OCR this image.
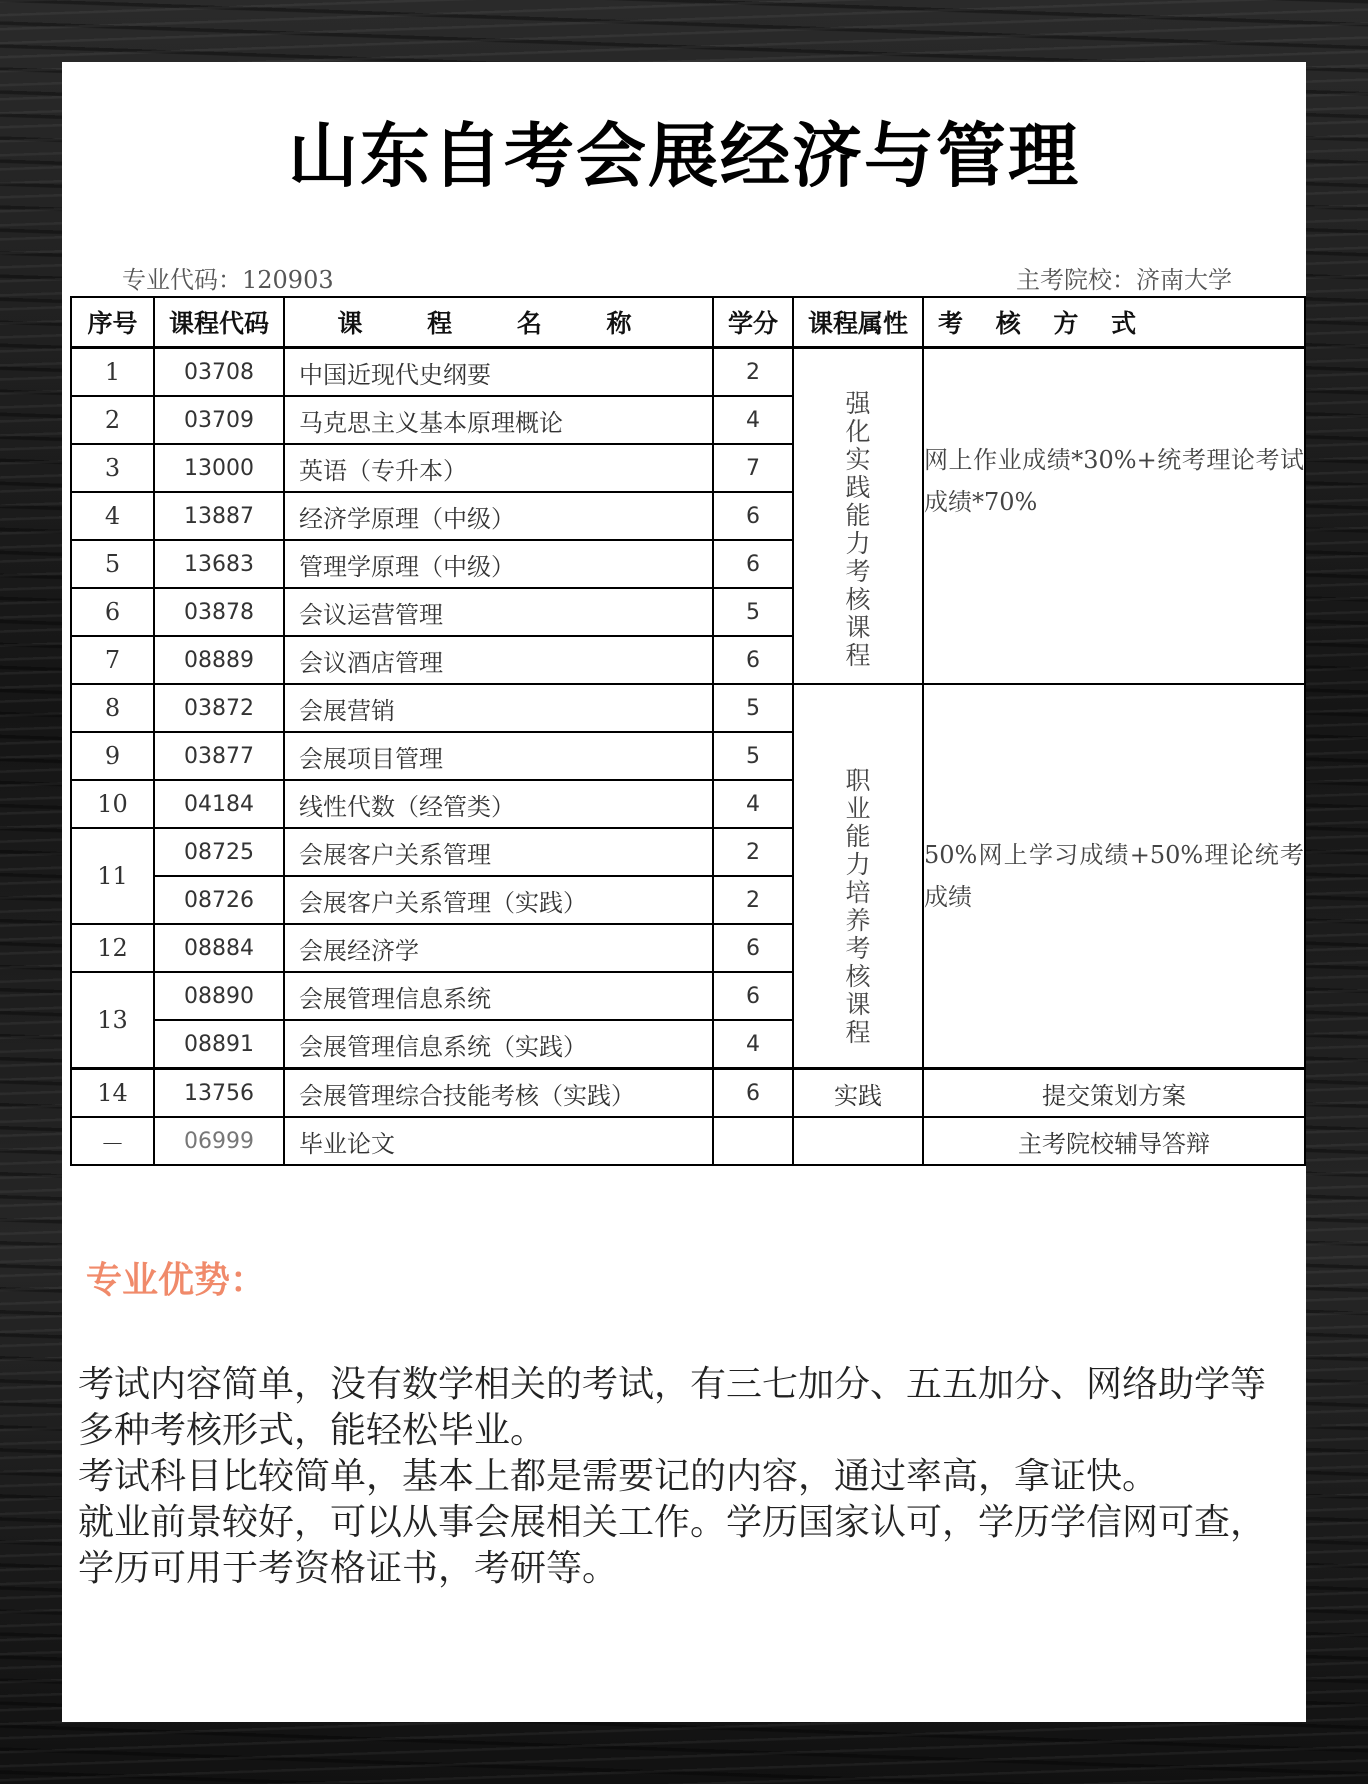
山东自考会展经济与管理
专业代码：120903	主考院校：济南大学
序号	课程代码	课 程 名 称	学分	课程属性	考 核 方 式
1	03708	中国近现代史纲要	2	强化实践能力考核课程	网上作业成绩*30%+统考理论考试成绩*70%
2	03709	马克思主义基本原理概论	4		
3	13000	英语（专升本）	7		
4	13887	经济学原理（中级）	6		
5	13683	管理学原理（中级）	6		
6	03878	会议运营管理	5		
7	08889	会议酒店管理	6		
8	03872	会展营销	5	职业能力培养考核课程	50%网上学习成绩+50%理论统考成绩
9	03877	会展项目管理	5		
10	04184	线性代数（经管类）	4		
11	08725	会展客户关系管理	2		
	08726	会展客户关系管理（实践）	2		
12	08884	会展经济学	6		
13	08890	会展管理信息系统	6		
	08891	会展管理信息系统（实践）	4		
14	13756	会展管理综合技能考核（实践）	6	实践	提交策划方案
－	06999	毕业论文			主考院校辅导答辩
专业优势：

考试内容简单，没有数学相关的考试，有三七加分、五五加分、网络助学等多种考核形式，能轻松毕业。

考试科目比较简单，基本上都是需要记的内容，通过率高，拿证快。

就业前景较好，可以从事会展相关工作。学历国家认可，学历学信网可查，学历可用于考资格证书，考研等。
